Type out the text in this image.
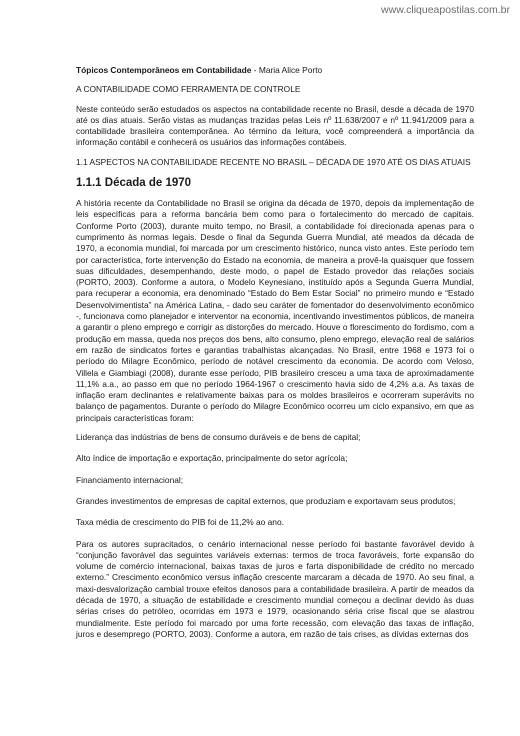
www.cliqueapostilas.com.br
Tópicos Contemporâneos em Contabilidade - Maria Alice Porto
A CONTABILIDADE COMO FERRAMENTA DE CONTROLE

Neste conteúdo serão estudados os aspectos na contabilidade recente no Brasil, desde a década de 1970 até os dias atuais. Serão vistas as mudanças trazidas pelas Leis nº 11.638/2007 e nº 11.941/2009 para a contabilidade brasileira contemporânea. Ao término da leitura, você compreenderá a importância da informação contábil e conhecerá os usuários das informações contábeis.

1.1 ASPECTOS NA CONTABILIDADE RECENTE NO BRASIL – DÉCADA DE 1970 ATÉ OS DIAS ATUAIS
1.1.1 Década de 1970

A história recente da Contabilidade no Brasil se origina da década de 1970, depois da implementação de leis específicas para a reforma bancária bem como para o fortalecimento do mercado de capitais. Conforme Porto (2003), durante muito tempo, no Brasil, a contabilidade foi direcionada apenas para o cumprimento às normas legais. Desde o final da Segunda Guerra Mundial, até meados da década de 1970, a economia mundial, foi marcada por um crescimento histórico, nunca visto antes. Este período tem por característica, forte intervenção do Estado na economia, de maneira a provê-la quaisquer que fossem suas dificuldades, desempenhando, deste modo, o papel de Estado provedor das relações sociais (PORTO, 2003). Conforme a autora, o Modelo Keynesiano, instituído após a Segunda Guerra Mundial, para recuperar a economia, era denominado “Estado do Bem Estar Social” no primeiro mundo e “Estado Desenvolvimentista” na América Latina, - dado seu caráter de fomentador do desenvolvimento econômico -, funcionava como planejador e interventor na economia, incentivando investimentos públicos, de maneira a garantir o pleno emprego e corrigir as distorções do mercado. Houve o florescimento do fordismo, com a produção em massa, queda nos preços dos bens, alto consumo, pleno emprego, elevação real de salários em razão de sindicatos fortes e garantias trabalhistas alcançadas. No Brasil, entre 1968 e 1973 foi o período do Milagre Econômico, período de notável crescimento da economia. De acordo com Veloso, Villela e Giambiagi (2008), durante esse período, PIB brasileiro cresceu a uma taxa de aproximadamente 11,1% a.a., ao passo em que no período 1964-1967 o crescimento havia sido de 4,2% a.a. As taxas de inflação eram declinantes e relativamente baixas para os moldes brasileiros e ocorreram superávits no balanço de pagamentos. Durante o período do Milagre Econômico ocorreu um ciclo expansivo, em que as principais características foram:

Liderança das indústrias de bens de consumo duráveis e de bens de capital;
Alto índice de importação e exportação, principalmente do setor agrícola;
Financiamento internacional;
Grandes investimentos de empresas de capital externos, que produziam e exportavam seus produtos;
Taxa média de crescimento do PIB foi de 11,2% ao ano.

Para os autores supracitados, o cenário internacional nesse período foi bastante favorável devido à “conjunção favorável das seguintes variáveis externas: termos de troca favoráveis, forte expansão do volume de comércio internacional, baixas taxas de juros e farta disponibilidade de crédito no mercado externo.” Crescimento econômico versus inflação crescente marcaram a década de 1970. Ao seu final, a maxi-desvalorização cambial trouxe efeitos danosos para a contabilidade brasileira. A partir de meados da década de 1970, a situação de estabilidade e crescimento mundial começou a declinar devido às duas sérias crises do petróleo, ocorridas em 1973 e 1979, ocasionando séria crise fiscal que se alastrou mundialmente. Este período foi marcado por uma forte recessão, com elevação das taxas de inflação, juros e desemprego (PORTO, 2003). Conforme a autora, em razão de tais crises, as dívidas externas dos
